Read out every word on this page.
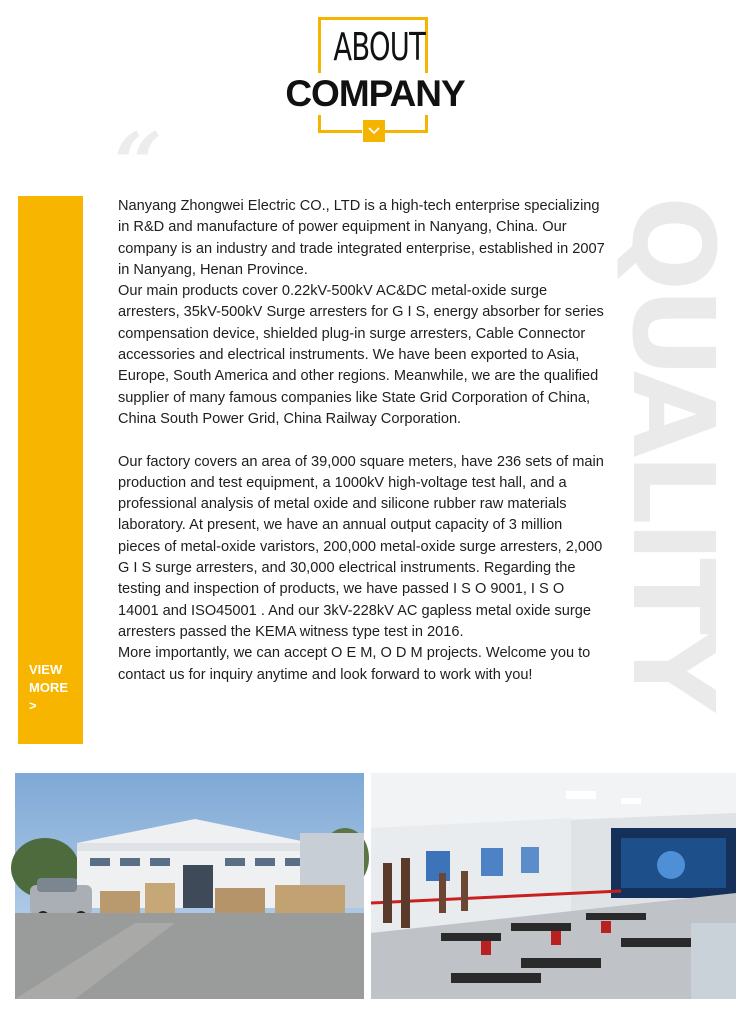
ABOUT
COMPANY
“
QUALITY
VIEW
MORE
>

Nanyang Zhongwei Electric CO., LTD is a high-tech enterprise specializing in R&D and manufacture of power equipment in Nanyang, China. Our company is an industry and trade integrated enterprise, established in 2007 in Nanyang, Henan Province.

Our main products cover 0.22kV-500kV AC&DC metal-oxide surge arresters, 35kV-500kV Surge arresters for G I S, energy absorber for series compensation device, shielded plug-in surge arresters, Cable Connector accessories and electrical instruments. We have been exported to Asia, Europe, South America and other regions. Meanwhile, we are the qualified supplier of many famous companies like State Grid Corporation of China, China South Power Grid, China Railway Corporation.

Our factory covers an area of 39,000 square meters, have 236 sets of main production and test equipment, a 1000kV high-voltage test hall, and a professional analysis of metal oxide and silicone rubber raw materials laboratory. At present, we have an annual output capacity of 3 million pieces of metal-oxide varistors, 200,000 metal-oxide surge arresters, 2,000 G I S surge arresters, and 30,000 electrical instruments. Regarding the testing and inspection of products, we have passed I S O 9001, I S O 14001 and ISO45001 . And our 3kV-228kV AC gapless metal oxide surge arresters passed the KEMA witness type test in 2016.

More importantly, we can accept O E M, O D M projects. Welcome you to contact us for inquiry anytime and look forward to work with you!
